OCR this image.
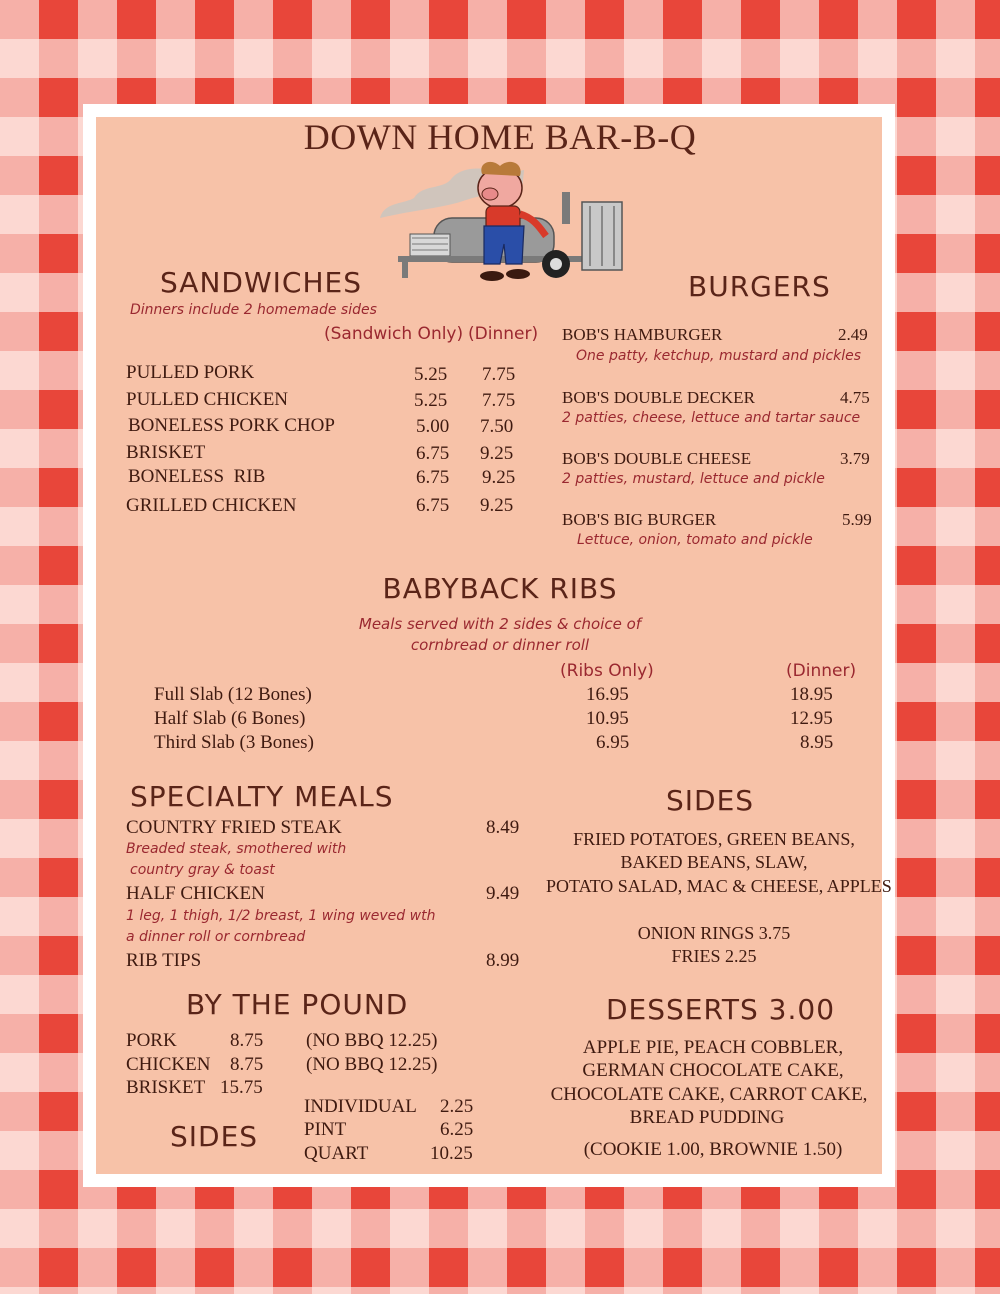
DOWN HOME BAR-B-Q
SANDWICHES
Dinners include 2 homemade sides
(Sandwich Only) (Dinner)
PULLED PORK	5.25 7.75
PULLED CHICKEN	5.25 7.75
BONELESS PORK CHOP	5.00 7.50
BRISKET	6.75 9.25
BONELESS  RIB	6.75 9.25
GRILLED CHICKEN	6.75 9.25
BURGERS
BOB'S HAMBURGER	2.49
One patty, ketchup, mustard and pickles
BOB'S DOUBLE DECKER	4.75
2 patties, cheese, lettuce and tartar sauce
BOB'S DOUBLE CHEESE	3.79
2 patties, mustard, lettuce and pickle
BOB'S BIG BURGER	5.99
Lettuce, onion, tomato and pickle
BABYBACK RIBS
Meals served with 2 sides & choice of
cornbread or dinner roll
(Ribs Only)	(Dinner)
Full Slab (12 Bones)	16.95	18.95
Half Slab (6 Bones)	10.95	12.95
Third Slab (3 Bones)	6.95	8.95
SPECIALTY MEALS
COUNTRY FRIED STEAK	8.49
Breaded steak, smothered with
country gray & toast
HALF CHICKEN	9.49
1 leg, 1 thigh, 1/2 breast, 1 wing weved wth
a dinner roll or cornbread
RIB TIPS	8.99
SIDES
FRIED POTATOES, GREEN BEANS,
BAKED BEANS, SLAW,
POTATO SALAD, MAC & CHEESE, APPLES
ONION RINGS 3.75
FRIES 2.25
BY THE POUND
PORK	8.75 (NO BBQ 12.25)
CHICKEN 8.75 (NO BBQ 12.25)
BRISKET 15.75
SIDES
INDIVIDUAL 2.25
PINT	6.25
QUART	10.25
DESSERTS 3.00
APPLE PIE, PEACH COBBLER,
GERMAN CHOCOLATE CAKE,
CHOCOLATE CAKE, CARROT CAKE,
BREAD PUDDING
(COOKIE 1.00, BROWNIE 1.50)
